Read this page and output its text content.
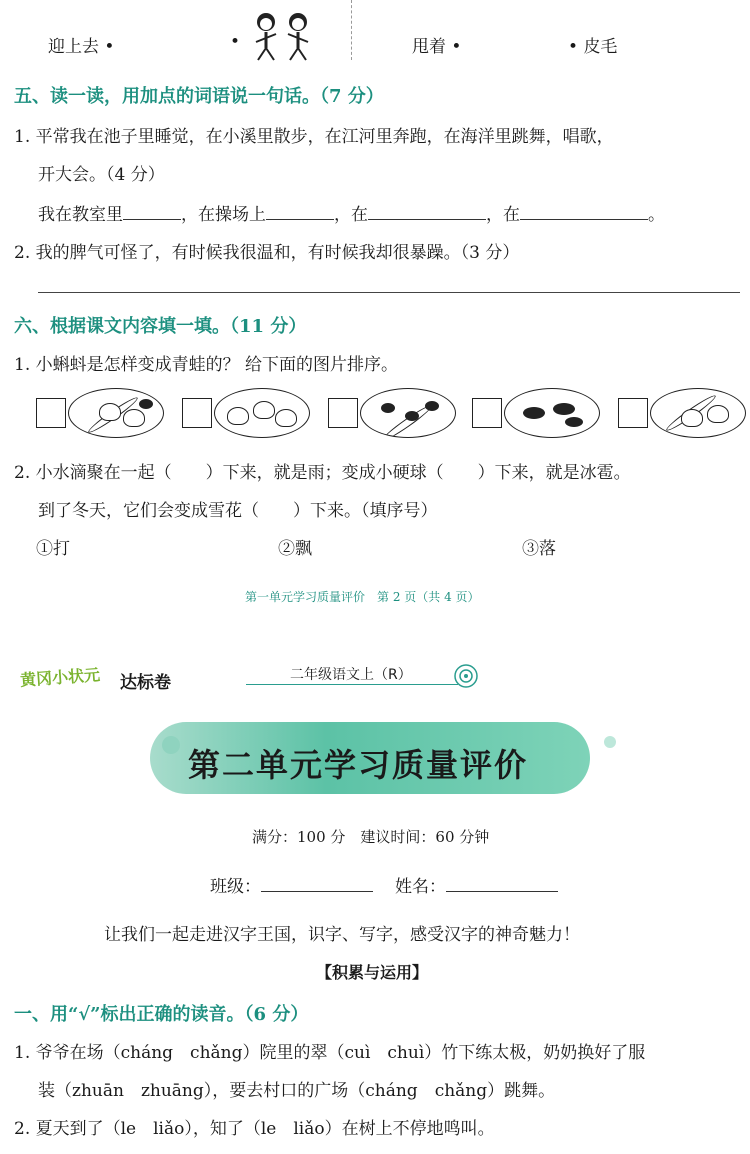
迎上去 •	•	甩着 •	• 皮毛
五、读一读，用加点的词语说一句话。（7 分）
1. 平常我在池子里睡觉，在小溪里散步，在江河里奔跑，在海洋里跳舞，唱歌，
开大会。（4 分）
我在教室里	，在操场上	，在	，在	。
2. 我的脾气可怪了，有时候我很温和，有时候我却很暴躁。（3 分）
六、根据课文内容填一填。（11 分）
1. 小蝌蚪是怎样变成青蛙的？ 给下面的图片排序。
2. 小水滴聚在一起（　　）下来，就是雨；变成小硬球（　　）下来，就是冰雹。
到了冬天，它们会变成雪花（　　）下来。（填序号）
①打	②飘	③落
第一单元学习质量评价　第 2 页（共 4 页）
黄冈小状元 达标卷	二年级语文上（R）
第二单元学习质量评价
满分：100 分　建议时间：60 分钟
班级：	姓名：
让我们一起走进汉字王国，识字、写字，感受汉字的神奇魅力！
【积累与运用】
一、用“√”标出正确的读音。（6 分）
1. 爷爷在场（cháng　chǎng）院里的翠（cuì　chuì）竹下练太极，奶奶换好了服
装（zhuān　zhuāng），要去村口的广场（cháng　chǎng）跳舞。
2. 夏天到了（le　liǎo），知了（le　liǎo）在树上不停地鸣叫。
